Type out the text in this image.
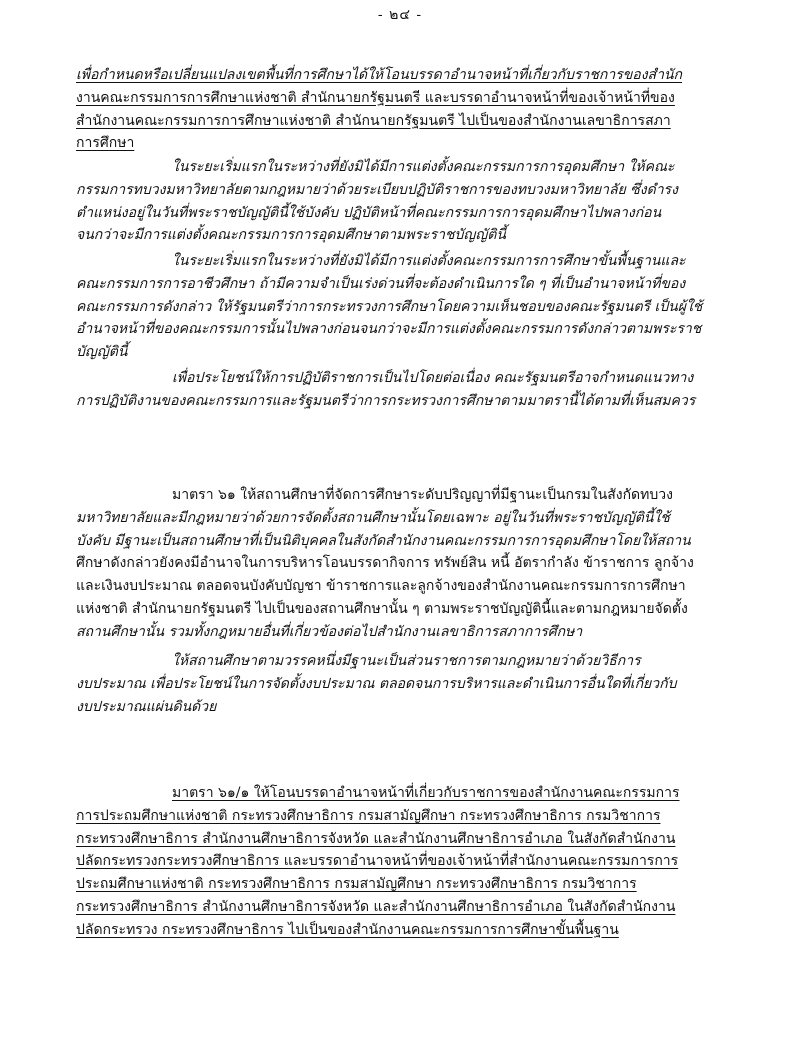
- ๒๔ -
เพื่อกำหนดหรือเปลี่ยนแปลงเขตพื้นที่การศึกษาได้ให้โอนบรรดาอำนาจหน้าที่เกี่ยวกับราชการของสำนัก
งานคณะกรรมการการศึกษาแห่งชาติ สำนักนายกรัฐมนตรี และบรรดาอำนาจหน้าที่ของเจ้าหน้าที่ของ
สำนักงานคณะกรรมการการศึกษาแห่งชาติ สำนักนายกรัฐมนตรี ไปเป็นของสำนักงานเลขาธิการสภา
การศึกษา
ในระยะเริ่มแรกในระหว่างที่ยังมิได้มีการแต่งตั้งคณะกรรมการการอุดมศึกษา ให้คณะ
กรรมการทบวงมหาวิทยาลัยตามกฎหมายว่าด้วยระเบียบปฏิบัติราชการของทบวงมหาวิทยาลัย ซึ่งดำรง
ตำแหน่งอยู่ในวันที่พระราชบัญญัตินี้ใช้บังคับ ปฏิบัติหน้าที่คณะกรรมการการอุดมศึกษาไปพลางก่อน
จนกว่าจะมีการแต่งตั้งคณะกรรมการการอุดมศึกษาตามพระราชบัญญัตินี้
ในระยะเริ่มแรกในระหว่างที่ยังมิได้มีการแต่งตั้งคณะกรรมการการศึกษาขั้นพื้นฐานและ
คณะกรรมการการอาชีวศึกษา ถ้ามีความจำเป็นเร่งด่วนที่จะต้องดำเนินการใด ๆ ที่เป็นอำนาจหน้าที่ของ
คณะกรรมการดังกล่าว ให้รัฐมนตรีว่าการกระทรวงการศึกษาโดยความเห็นชอบของคณะรัฐมนตรี เป็นผู้ใช้
อำนาจหน้าที่ของคณะกรรมการนั้นไปพลางก่อนจนกว่าจะมีการแต่งตั้งคณะกรรมการดังกล่าวตามพระราช
บัญญัตินี้
เพื่อประโยชน์ให้การปฏิบัติราชการเป็นไปโดยต่อเนื่อง คณะรัฐมนตรีอาจกำหนดแนวทาง
การปฏิบัติงานของคณะกรรมการและรัฐมนตรีว่าการกระทรวงการศึกษาตามมาตรานี้ได้ตามที่เห็นสมควร
มาตรา ๖๑ ให้สถานศึกษาที่จัดการศึกษาระดับปริญญาที่มีฐานะเป็นกรมในสังกัดทบวง
มหาวิทยาลัยและมีกฎหมายว่าด้วยการจัดตั้งสถานศึกษานั้นโดยเฉพาะ อยู่ในวันที่พระราชบัญญัตินี้ใช้
บังคับ มีฐานะเป็นสถานศึกษาที่เป็นนิติบุคคลในสังกัดสำนักงานคณะกรรมการการอุดมศึกษาโดยให้สถาน
ศึกษาดังกล่าวยังคงมีอำนาจในการบริหารโอนบรรดากิจการ ทรัพย์สิน หนี้ อัตรากำลัง ข้าราชการ ลูกจ้าง
และเงินงบประมาณ ตลอดจนบังคับบัญชา ข้าราชการและลูกจ้างของสำนักงานคณะกรรมการการศึกษา
แห่งชาติ สำนักนายกรัฐมนตรี ไปเป็นของสถานศึกษานั้น ๆ ตามพระราชบัญญัตินี้และตามกฎหมายจัดตั้ง
สถานศึกษานั้น รวมทั้งกฎหมายอื่นที่เกี่ยวข้องต่อไปสำนักงานเลขาธิการสภาการศึกษา
ให้สถานศึกษาตามวรรคหนึ่งมีฐานะเป็นส่วนราชการตามกฎหมายว่าด้วยวิธีการ
งบประมาณ เพื่อประโยชน์ในการจัดตั้งงบประมาณ ตลอดจนการบริหารและดำเนินการอื่นใดที่เกี่ยวกับ
งบประมาณแผ่นดินด้วย
มาตรา ๖๑/๑ ให้โอนบรรดาอำนาจหน้าที่เกี่ยวกับราชการของสำนักงานคณะกรรมการ
การประถมศึกษาแห่งชาติ กระทรวงศึกษาธิการ กรมสามัญศึกษา กระทรวงศึกษาธิการ กรมวิชาการ
กระทรวงศึกษาธิการ สำนักงานศึกษาธิการจังหวัด และสำนักงานศึกษาธิการอำเภอ ในสังกัดสำนักงาน
ปลัดกระทรวงกระทรวงศึกษาธิการ และบรรดาอำนาจหน้าที่ของเจ้าหน้าที่สำนักงานคณะกรรมการการ
ประถมศึกษาแห่งชาติ กระทรวงศึกษาธิการ กรมสามัญศึกษา กระทรวงศึกษาธิการ กรมวิชาการ
กระทรวงศึกษาธิการ สำนักงานศึกษาธิการจังหวัด และสำนักงานศึกษาธิการอำเภอ ในสังกัดสำนักงาน
ปลัดกระทรวง กระทรวงศึกษาธิการ ไปเป็นของสำนักงานคณะกรรมการการศึกษาขั้นพื้นฐาน
